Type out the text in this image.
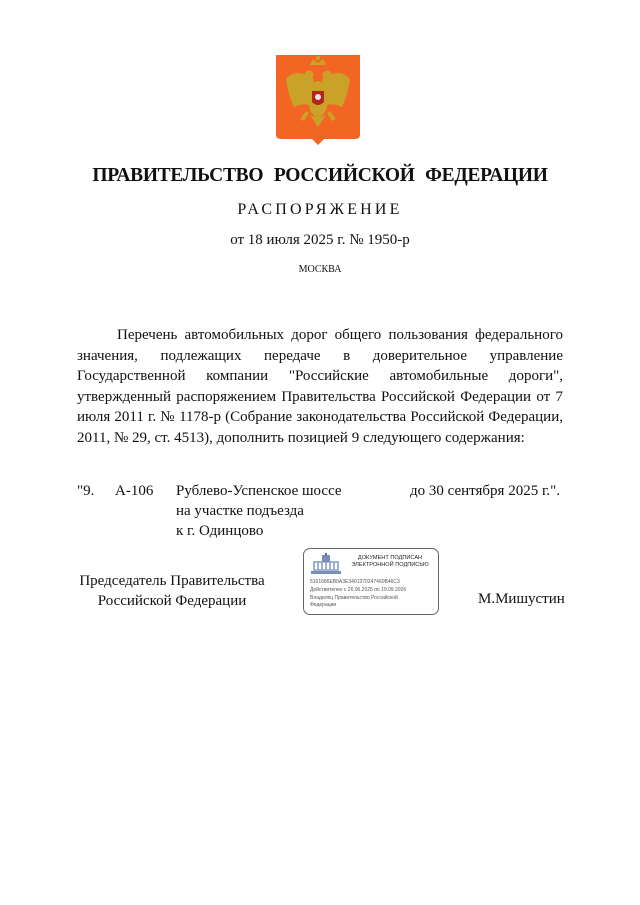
ПРАВИТЕЛЬСТВО РОССИЙСКОЙ ФЕДЕРАЦИИ
РАСПОРЯЖЕНИЕ
от 18 июля 2025 г. № 1950-р
МОСКВА
Перечень автомобильных дорог общего пользования федерального значения, подлежащих передаче в доверительное управление Государственной компании "Российские автомобильные дороги", утвержденный распоряжением Правительства Российской Федерации от 7 июля 2011 г. № 1178-р (Собрание законодательства Российской Федерации, 2011, № 29, ст. 4513), дополнить позицией 9 следующего содержания:
"9. А-106 Рублево-Успенское шоссе
на участке подъезда
к г. Одинцово
до 30 сентября 2025 г.".
Председатель Правительства
Российской Федерации	М.Мишустин
ДОКУМЕНТ ПОДПИСАН
ЭЛЕКТРОННОЙ ПОДПИСЬЮ
5161686EB0A3E3401370247460B46C3
Действителен с 26.06.2025 по 19.09.2026
Владелец Правительство Российской
Федерации
